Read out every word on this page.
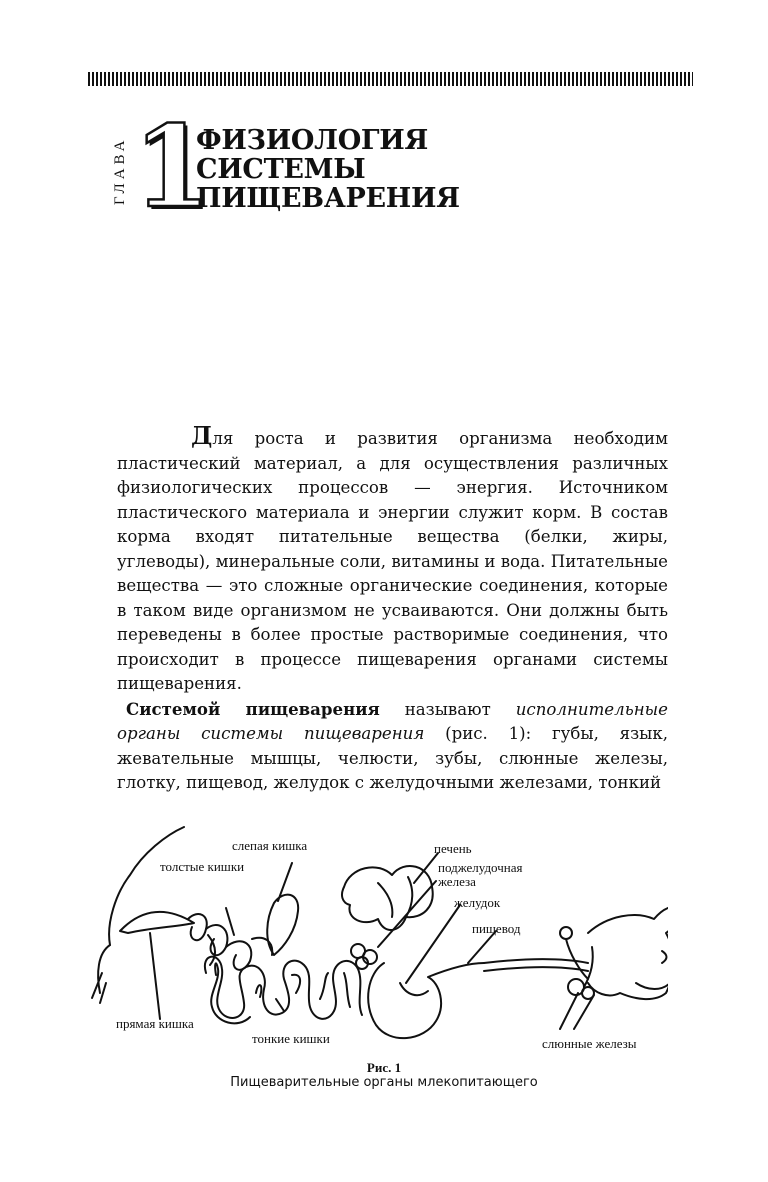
ГЛАВА 1
ФИЗИОЛОГИЯ
СИСТЕМЫ
ПИЩЕВАРЕНИЯ

Для роста и развития организма необходим пластический материал, а для осуществления различных физиологических процессов — энергия. Источником пластического материала и энергии служит корм. В состав корма входят питательные вещества (белки, жиры, углеводы), минеральные соли, витамины и вода. Питательные вещества — это сложные органические соединения, которые в таком виде организмом не усваиваются. Они должны быть переведены в более простые растворимые соединения, что происходит в процессе пищеварения органами системы пищеварения.

Системой пищеварения называют исполнительные органы системы пищеварения (рис. 1): губы, язык, жевательные мышцы, челюсти, зубы, слюнные железы, глотку, пищевод, желудок с желудочными железами, тонкий

слепая кишка
толстые кишки
печень
поджелудочная
железа
желудок
пищевод
прямая кишка
тонкие кишки	слюнные железы
Рис. 1
Пищеварительные органы млекопитающего
